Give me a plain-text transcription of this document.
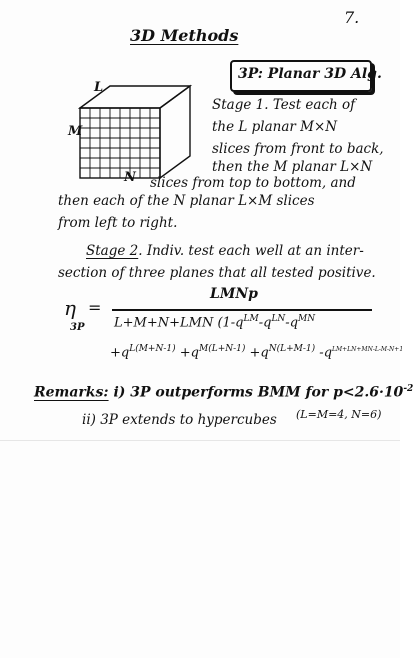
7.

3D Methods

3P: Planar 3D Alg.
L
M
N
Stage 1. Test each of
the L planar M×N
slices from front to back,
then the M planar L×N
slices from top to bottom, and
then each of the N planar L×M slices
from left to right.
Stage 2. Indiv. test each well at an inter-
section of three planes that all tested positive.
η
3P
=
LMNp
L+M+N+LMN ($1-q^{LM}-q^{LN}-q^{MN}$
$+q^{L(M+N-1)} +q^{M(L+N-1)} +q^{N(L+M-1)}$ $-q^{LM+LN+MN-L-M-N+1}$
Remarks: i) 3P outperforms BMM for $p<2.6\cdot 10^{-2}$
ii) 3P extends to hypercubes (L=M=4, N=6)
